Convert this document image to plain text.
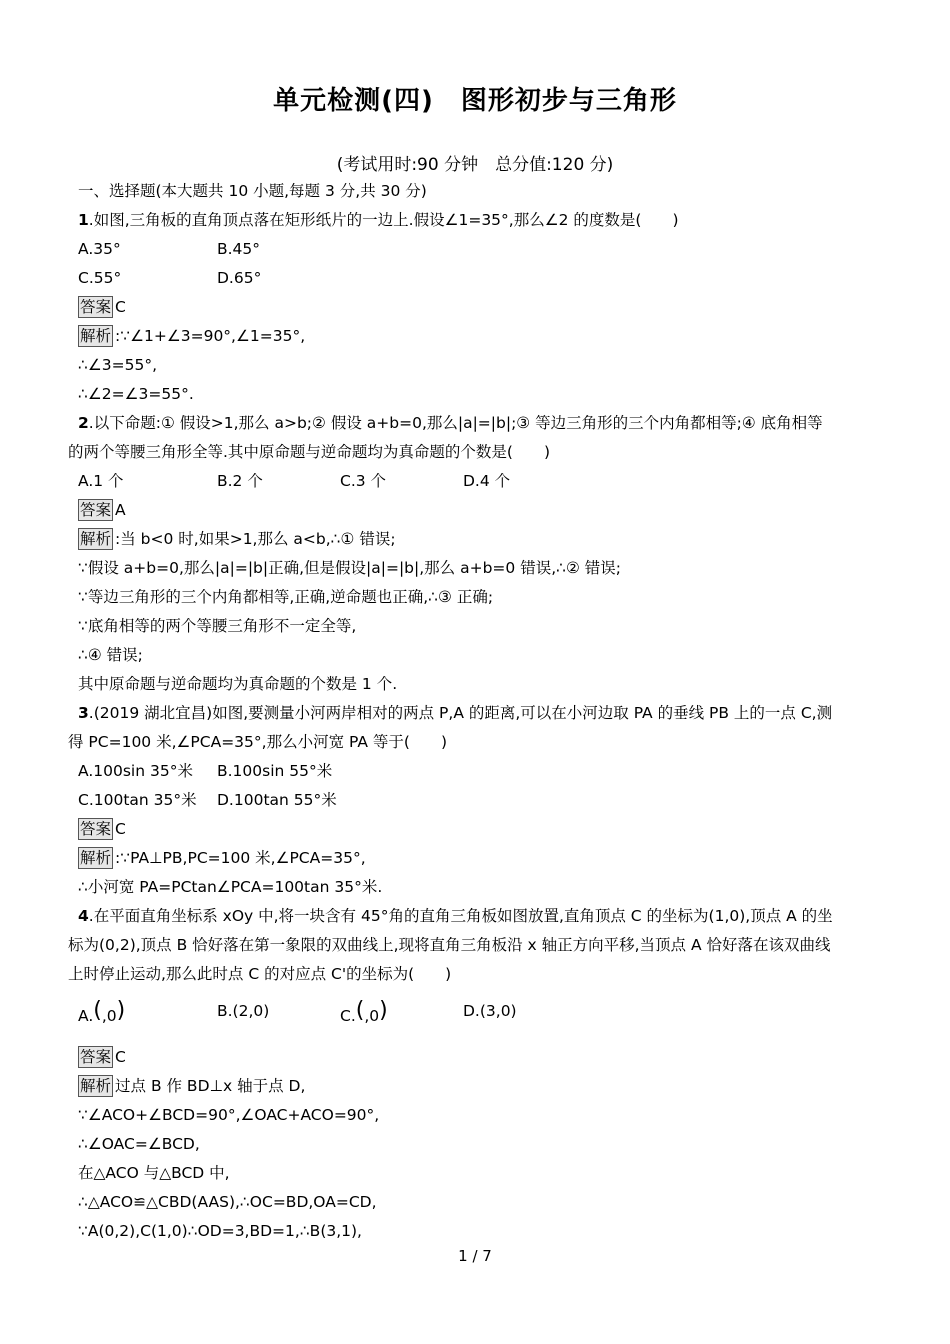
单元检测(四)　图形初步与三角形
(考试用时:90 分钟　总分值:120 分)
一、选择题(本大题共 10 小题,每题 3 分,共 30 分)
1.如图,三角板的直角顶点落在矩形纸片的一边上.假设∠1=35°,那么∠2 的度数是(　　)
A.35°	B.45°
C.55°	D.65°
答案 C
解析 :∵∠1+∠3=90°,∠1=35°,
∴∠3=55°,
∴∠2=∠3=55°.
2.以下命题:① 假设>1,那么 a>b;② 假设 a+b=0,那么|a|=|b|;③ 等边三角形的三个内角都相等;④ 底角相等
的两个等腰三角形全等.其中原命题与逆命题均为真命题的个数是(　　)
A.1 个	B.2 个	C.3 个	D.4 个
答案 A
解析 :当 b<0 时,如果>1,那么 a<b,∴① 错误;
∵假设 a+b=0,那么|a|=|b|正确,但是假设|a|=|b|,那么 a+b=0 错误,∴② 错误;
∵等边三角形的三个内角都相等,正确,逆命题也正确,∴③ 正确;
∵底角相等的两个等腰三角形不一定全等,
∴④ 错误;
其中原命题与逆命题均为真命题的个数是 1 个.
3.(2019 湖北宜昌)如图,要测量小河两岸相对的两点 P,A 的距离,可以在小河边取 PA 的垂线 PB 上的一点 C,测
得 PC=100 米,∠PCA=35°,那么小河宽 PA 等于(　　)
A.100sin 35°米 B.100sin 55°米
C.100tan 35°米 D.100tan 55°米
答案 C
解析 :∵PA⊥PB,PC=100 米,∠PCA=35°,
∴小河宽 PA=PCtan∠PCA=100tan 35°米.
4.在平面直角坐标系 xOy 中,将一块含有 45°角的直角三角板如图放置,直角顶点 C 的坐标为(1,0),顶点 A 的坐
标为(0,2),顶点 B 恰好落在第一象限的双曲线上,现将直角三角板沿 x 轴正方向平移,当顶点 A 恰好落在该双曲线
上时停止运动,那么此时点 C 的对应点 C'的坐标为(　　)
A.(,0)	B.(2,0)	C.(,0)	D.(3,0)
答案 C
解析 过点 B 作 BD⊥x 轴于点 D,
∵∠ACO+∠BCD=90°,∠OAC+ACO=90°,
∴∠OAC=∠BCD,
在△ACO 与△BCD 中,
∴△ACO≌△CBD(AAS),∴OC=BD,OA=CD,
∵A(0,2),C(1,0)∴OD=3,BD=1,∴B(3,1),
1 / 7
